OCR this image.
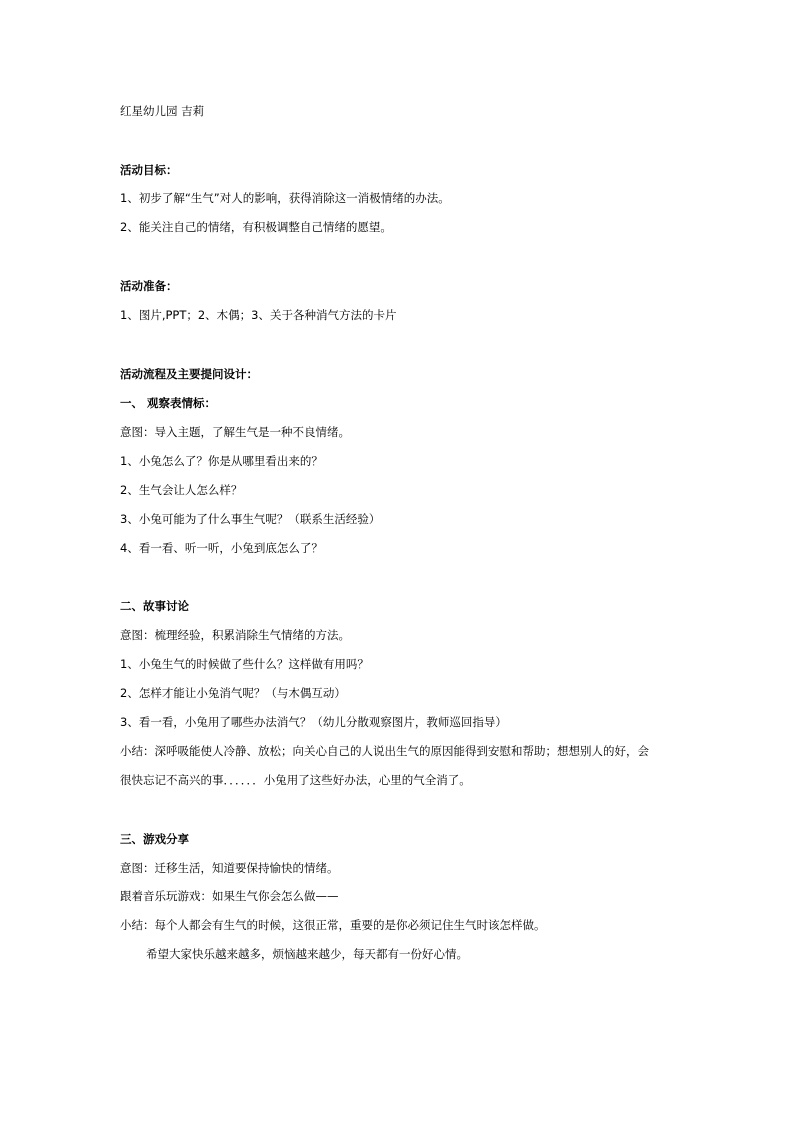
红星幼儿园 吉莉
活动目标：
1、初步了解“生气”对人的影响，获得消除这一消极情绪的办法。
2、能关注自己的情绪，有积极调整自己情绪的愿望。
活动准备：
1、图片,PPT；2、木偶；3、关于各种消气方法的卡片
活动流程及主要提问设计：
一、 观察表情标：
意图：导入主题，了解生气是一种不良情绪。
1、小兔怎么了？你是从哪里看出来的？
2、生气会让人怎么样？
3、小兔可能为了什么事生气呢？（联系生活经验）
4、看一看、听一听，小兔到底怎么了？
二、故事讨论
意图：梳理经验，积累消除生气情绪的方法。
1、小兔生气的时候做了些什么？这样做有用吗？
2、怎样才能让小兔消气呢？（与木偶互动）
3、看一看，小兔用了哪些办法消气？（幼儿分散观察图片，教师巡回指导）
小结：深呼吸能使人冷静、放松；向关心自己的人说出生气的原因能得到安慰和帮助；想想别人的好，会
很快忘记不高兴的事．．．．．．小兔用了这些好办法，心里的气全消了。
三、游戏分享
意图：迁移生活，知道要保持愉快的情绪。
跟着音乐玩游戏：如果生气你会怎么做——
小结：每个人都会有生气的时候，这很正常，重要的是你必须记住生气时该怎样做。
希望大家快乐越来越多，烦恼越来越少，每天都有一份好心情。
